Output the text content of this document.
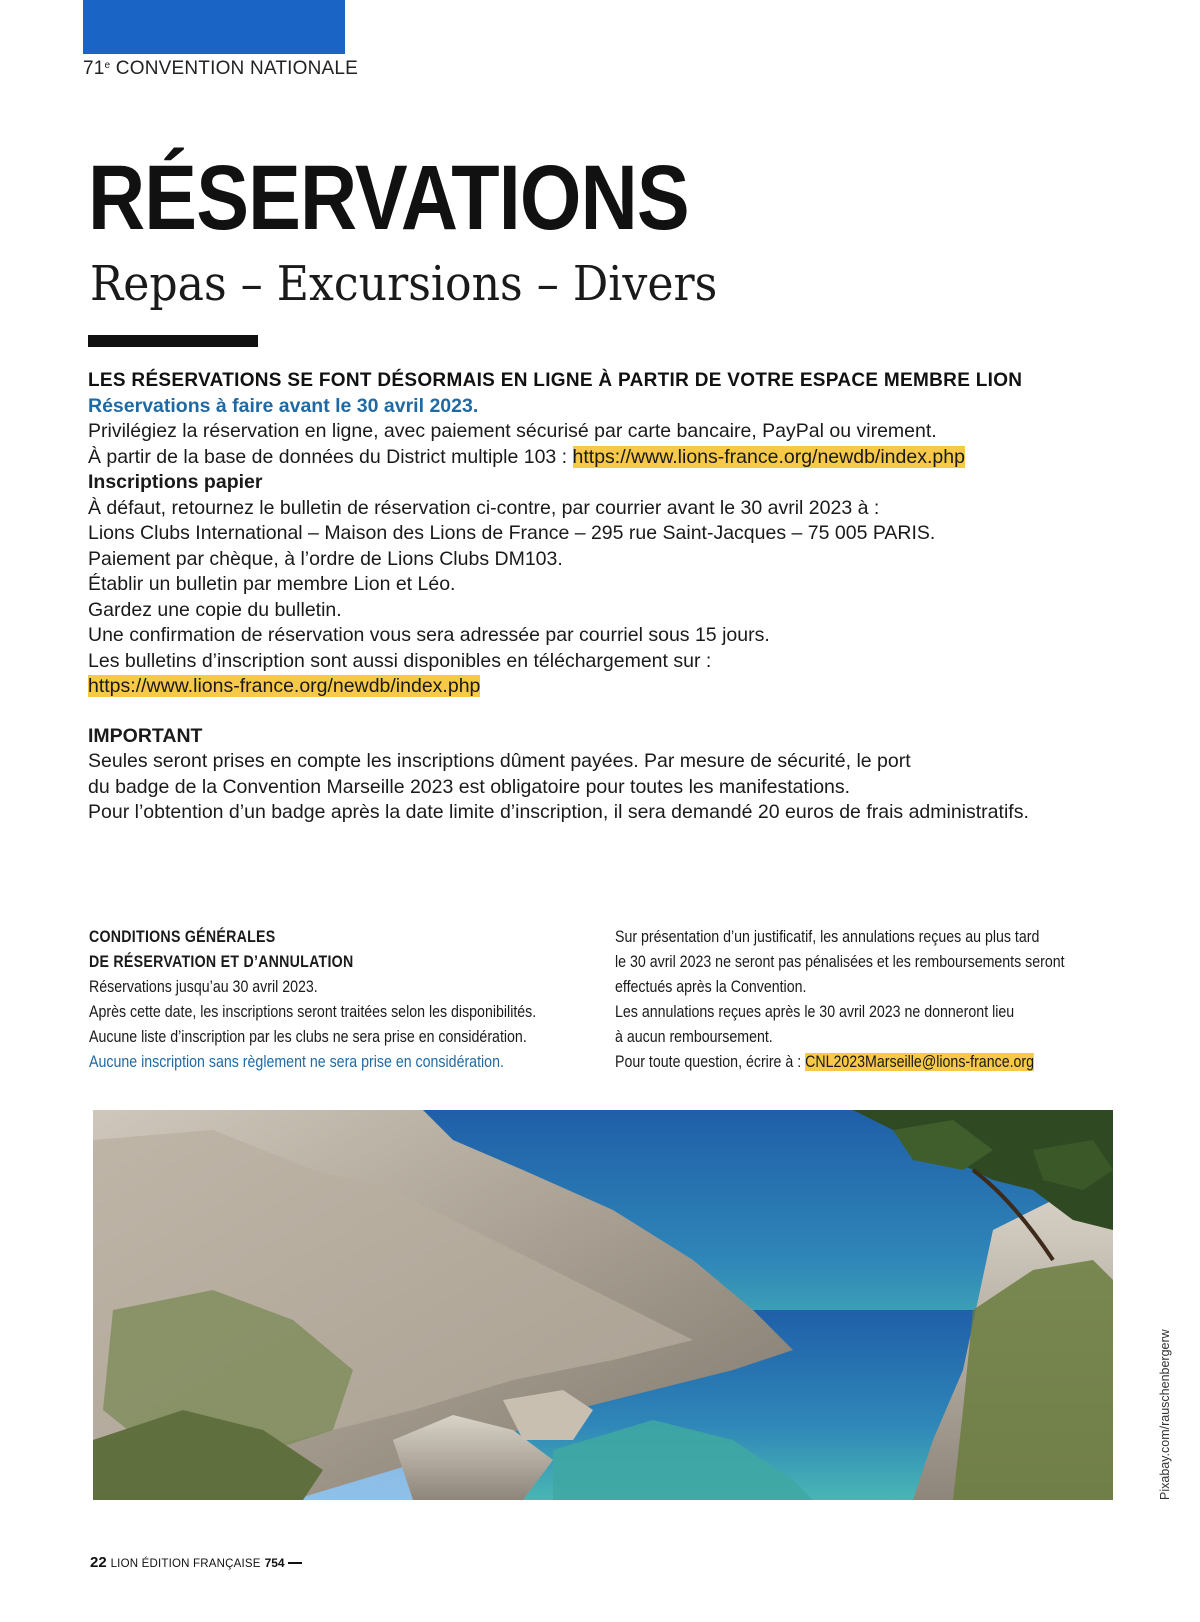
71e CONVENTION NATIONALE
RÉSERVATIONS
Repas – Excursions – Divers

LES RÉSERVATIONS SE FONT DÉSORMAIS EN LIGNE À PARTIR DE VOTRE ESPACE MEMBRE LION

Réservations à faire avant le 30 avril 2023.

Privilégiez la réservation en ligne, avec paiement sécurisé par carte bancaire, PayPal ou virement.

À partir de la base de données du District multiple 103 : https://www.lions-france.org/newdb/index.php

Inscriptions papier

À défaut, retournez le bulletin de réservation ci-contre, par courrier avant le 30 avril 2023 à :

Lions Clubs International – Maison des Lions de France – 295 rue Saint-Jacques – 75 005 PARIS.

Paiement par chèque, à l’ordre de Lions Clubs DM103.

Établir un bulletin par membre Lion et Léo.

Gardez une copie du bulletin.

Une confirmation de réservation vous sera adressée par courriel sous 15 jours.

Les bulletins d’inscription sont aussi disponibles en téléchargement sur :

https://www.lions-france.org/newdb/index.php

IMPORTANT

Seules seront prises en compte les inscriptions dûment payées. Par mesure de sécurité, le port

du badge de la Convention Marseille 2023 est obligatoire pour toutes les manifestations.

Pour l’obtention d’un badge après la date limite d’inscription, il sera demandé 20 euros de frais administratifs.

CONDITIONS GÉNÉRALES

DE RÉSERVATION ET D’ANNULATION

Réservations jusqu’au 30 avril 2023.

Après cette date, les inscriptions seront traitées selon les disponibilités.

Aucune liste d’inscription par les clubs ne sera prise en considération.

Aucune inscription sans règlement ne sera prise en considération.

Sur présentation d’un justificatif, les annulations reçues au plus tard

le 30 avril 2023 ne seront pas pénalisées et les remboursements seront

effectués après la Convention.

Les annulations reçues après le 30 avril 2023 ne donneront lieu

à aucun remboursement.

Pour toute question, écrire à : CNL2023Marseille@lions-france.org

Pixabay.com/rauschenbergerw
22 LION ÉDITION FRANÇAISE 754
